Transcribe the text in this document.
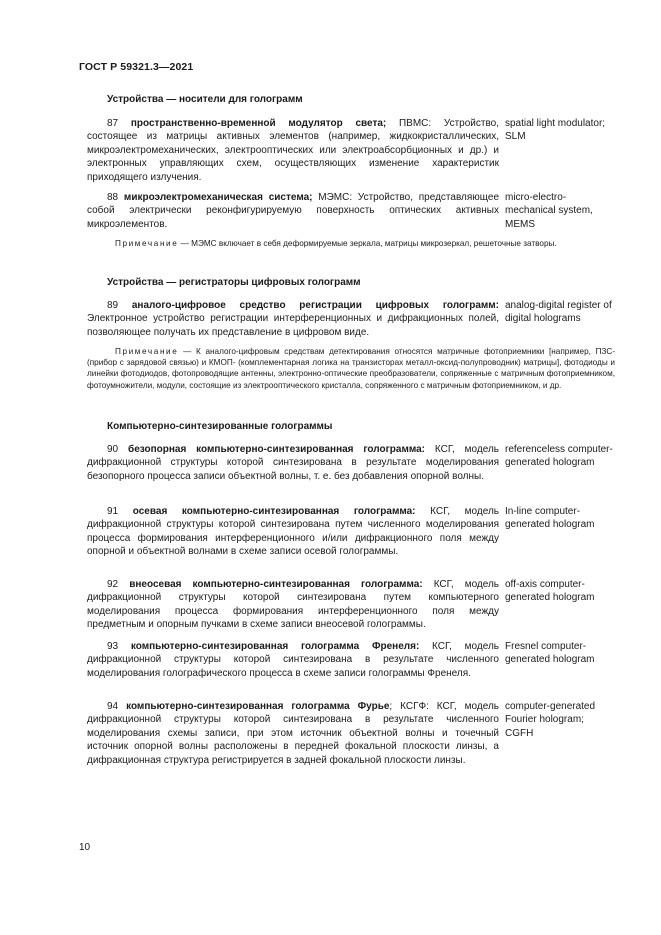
ГОСТ Р 59321.3—2021
Устройства — носители для голограмм
87 пространственно-временной модулятор света; ПВМС: Устройство, состоящее из матрицы активных элементов (например, жидкокристаллических, микроэлектромеханических, электрооптических или электроабсорбционных и др.) и электронных управляющих схем, осуществляющих изменение характеристик приходящего излучения.
spatial light modulator; SLM
88 микроэлектромеханическая система; МЭМС: Устройство, представляющее собой электрически реконфигурируемую поверхность оптических активных микроэлементов.
micro-electro-mechanical system, MEMS
Примечание — МЭМС включает в себя деформируемые зеркала, матрицы микрозеркал, решеточные затворы.
Устройства — регистраторы цифровых голограмм
89 аналого-цифровое средство регистрации цифровых голограмм: Электронное устройство регистрации интерференционных и дифракционных полей, позволяющее получать их представление в цифровом виде.
analog-digital register of digital holograms
Примечание — К аналого-цифровым средствам детектирования относятся матричные фотоприемники [например, ПЗС- (прибор с зарядовой связью) и КМОП- (комплементарная логика на транзисторах металл-оксид-полупроводник) матрицы], фотодиоды и линейки фотодиодов, фотопроводящие антенны, электронно-оптические преобразователи, сопряженные с матричным фотоприемником, фотоумножители, модули, состоящие из электрооптического кристалла, сопряженного с матричным фотоприемником, и др.
Компьютерно-синтезированные голограммы
90 безопорная компьютерно-синтезированная голограмма: КСГ, модель дифракционной структуры которой синтезирована в результате моделирования безопорного процесса записи объектной волны, т. е. без добавления опорной волны.
referenceless computer-generated hologram
91 осевая компьютерно-синтезированная голограмма: КСГ, модель дифракционной структуры которой синтезирована путем численного моделирования процесса формирования интерференционного и/или дифракционного поля между опорной и объектной волнами в схеме записи осевой голограммы.
In-line computer-generated hologram
92 внеосевая компьютерно-синтезированная голограмма: КСГ, модель дифракционной структуры которой синтезирована путем компьютерного моделирования процесса формирования интерференционного поля между предметным и опорным пучками в схеме записи внеосевой голограммы.
off-axis computer-generated hologram
93 компьютерно-синтезированная голограмма Френеля: КСГ, модель дифракционной структуры которой синтезирована в результате численного моделирования голографического процесса в схеме записи голограммы Френеля.
Fresnel computer-generated hologram
94 компьютерно-синтезированная голограмма Фурье; КСГФ: КСГ, модель дифракционной структуры которой синтезирована в результате численного моделирования схемы записи, при этом источник объектной волны и точечный источник опорной волны расположены в передней фокальной плоскости линзы, а дифракционная структура регистрируется в задней фокальной плоскости линзы.
computer-generated Fourier hologram; CGFH
10
